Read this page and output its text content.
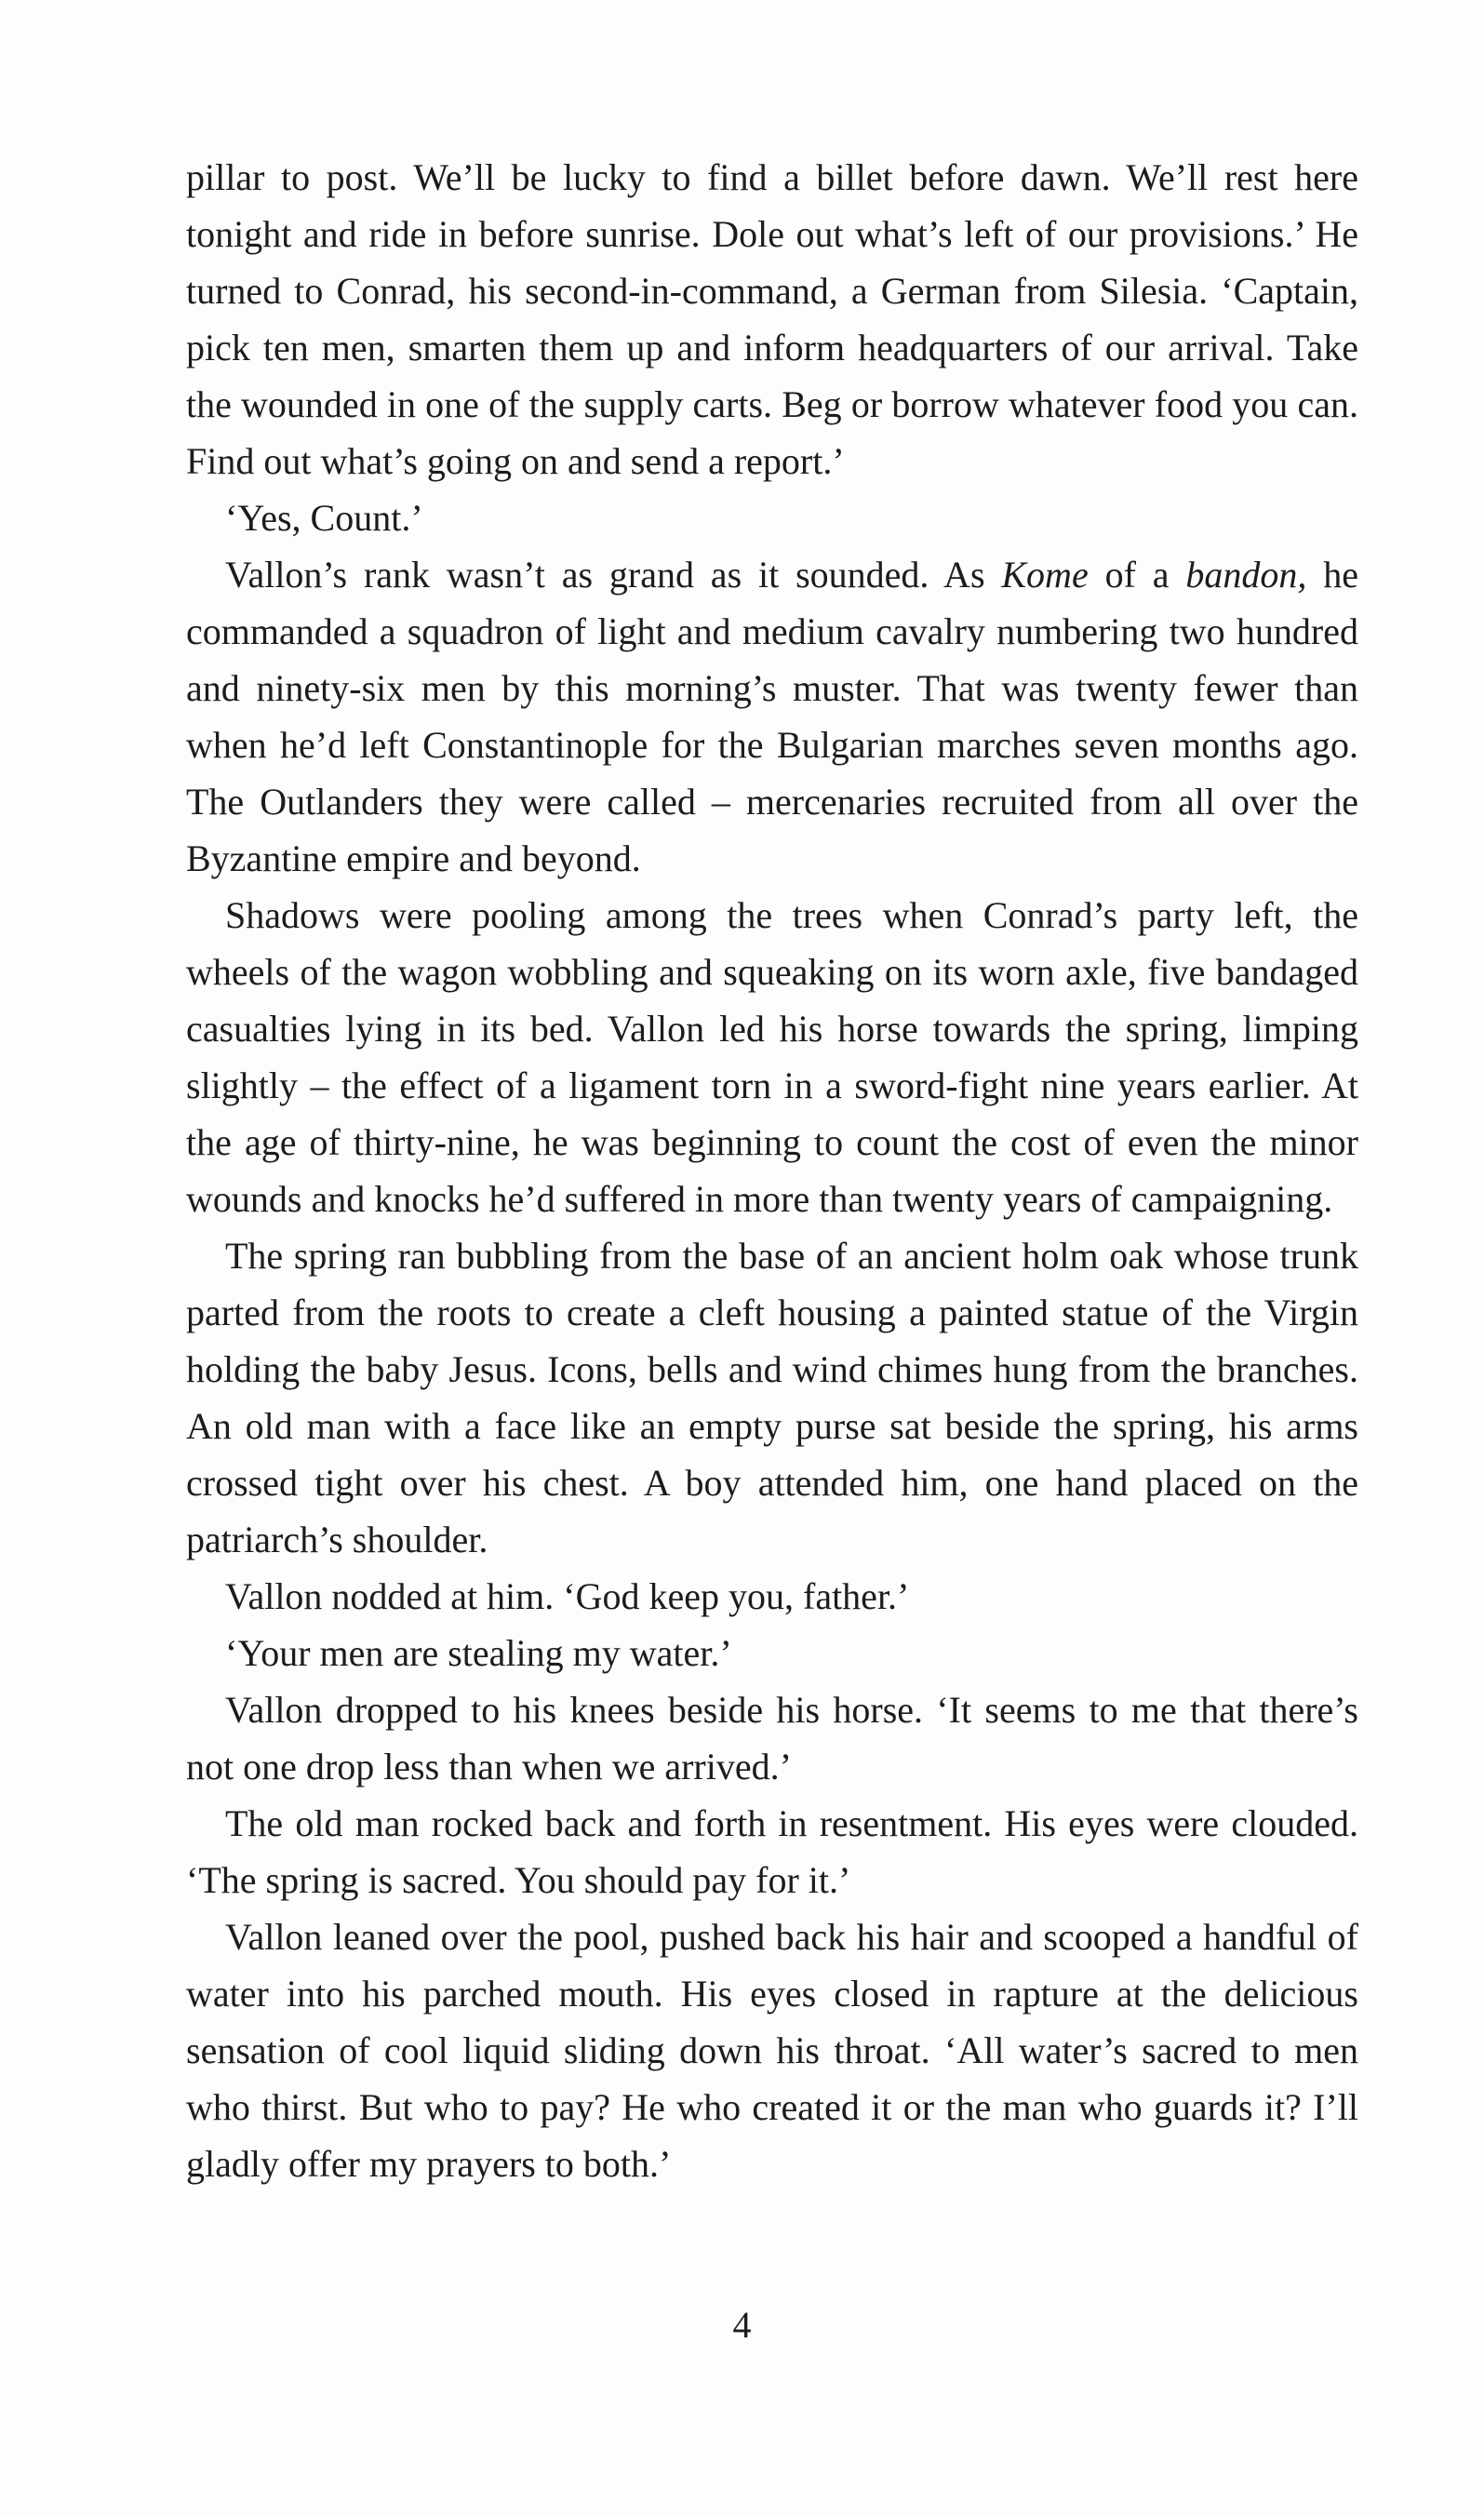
pillar to post. We’ll be lucky to find a billet before dawn. We’ll rest here tonight and ride in before sunrise. Dole out what’s left of our provisions.’ He turned to Conrad, his second-in-command, a German from Silesia. ‘Captain, pick ten men, smarten them up and inform headquarters of our arrival. Take the wounded in one of the supply carts. Beg or borrow whatever food you can. Find out what’s going on and send a report.’

‘Yes, Count.’

Vallon’s rank wasn’t as grand as it sounded. As Kome of a bandon, he commanded a squadron of light and medium cavalry numbering two hundred and ninety-six men by this morning’s muster. That was twenty fewer than when he’d left Constantinople for the Bulgarian marches seven months ago. The Outlanders they were called – mercenaries recruited from all over the Byzantine empire and beyond.

Shadows were pooling among the trees when Conrad’s party left, the wheels of the wagon wobbling and squeaking on its worn axle, five bandaged casualties lying in its bed. Vallon led his horse towards the spring, limping slightly – the effect of a ligament torn in a sword-fight nine years earlier. At the age of thirty-nine, he was beginning to count the cost of even the minor wounds and knocks he’d suffered in more than twenty years of campaigning.

The spring ran bubbling from the base of an ancient holm oak whose trunk parted from the roots to create a cleft housing a painted statue of the Virgin holding the baby Jesus. Icons, bells and wind chimes hung from the branches. An old man with a face like an empty purse sat beside the spring, his arms crossed tight over his chest. A boy attended him, one hand placed on the patriarch’s shoulder.

Vallon nodded at him. ‘God keep you, father.’

‘Your men are stealing my water.’

Vallon dropped to his knees beside his horse. ‘It seems to me that there’s not one drop less than when we arrived.’

The old man rocked back and forth in resentment. His eyes were clouded. ‘The spring is sacred. You should pay for it.’

Vallon leaned over the pool, pushed back his hair and scooped a handful of water into his parched mouth. His eyes closed in rapture at the delicious sensation of cool liquid sliding down his throat. ‘All water’s sacred to men who thirst. But who to pay? He who created it or the man who guards it? I’ll gladly offer my prayers to both.’

4
